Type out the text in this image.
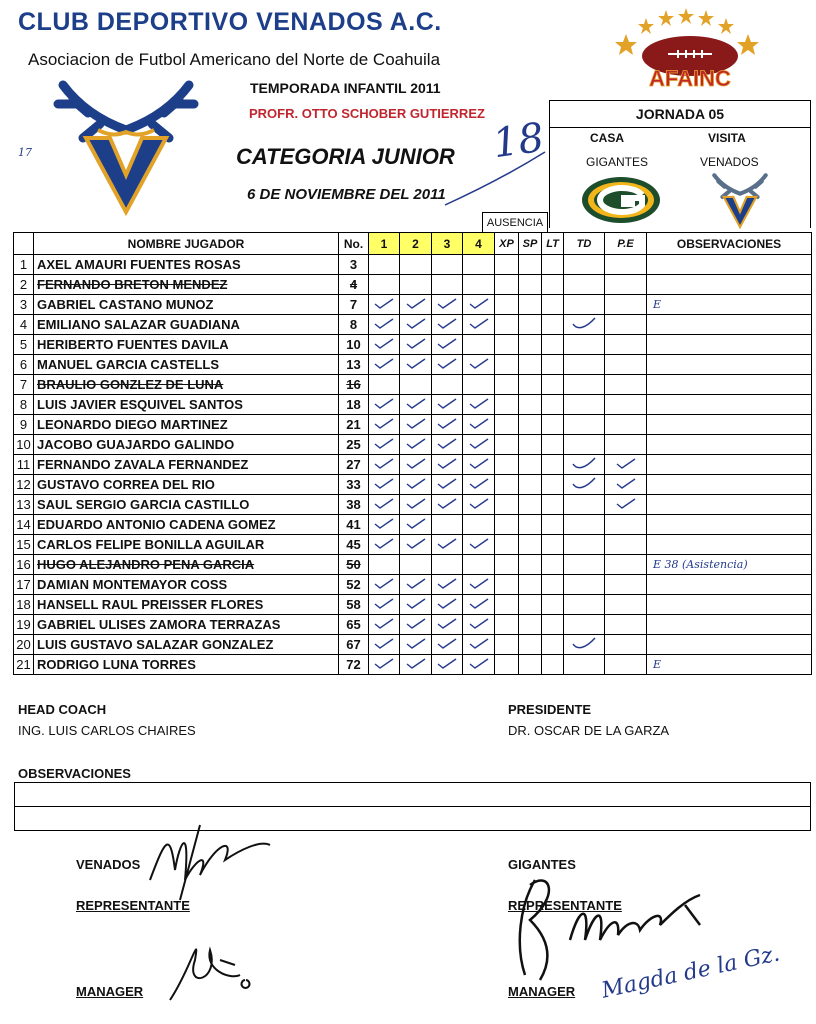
CLUB DEPORTIVO VENADOS A.C.
Asociacion de Futbol Americano del Norte de Coahuila
TEMPORADA INFANTIL 2011
PROFR. OTTO SCHOBER GUTIERREZ
CATEGORIA JUNIOR
6 DE NOVIEMBRE DEL 2011
18
17
AFAINC
JORNADA 05
CASA	VISITA
GIGANTES	VENADOS
AUSENCIA
	NOMBRE JUGADOR	No.	1	2	3	4	XP	SP	LT	TD	P.E	OBSERVACIONES
1	AXEL AMAURI FUENTES ROSAS	3										
2	FERNANDO BRETON MENDEZ	4										
3	GABRIEL CASTANO MUNOZ	7										E
4	EMILIANO SALAZAR GUADIANA	8										
5	HERIBERTO FUENTES DAVILA	10										
6	MANUEL GARCIA CASTELLS	13										
7	BRAULIO GONZLEZ DE LUNA	16										
8	LUIS JAVIER ESQUIVEL SANTOS	18										
9	LEONARDO DIEGO MARTINEZ	21										
10	JACOBO GUAJARDO GALINDO	25										
11	FERNANDO ZAVALA FERNANDEZ	27										
12	GUSTAVO CORREA DEL RIO	33										
13	SAUL SERGIO GARCIA CASTILLO	38										
14	EDUARDO ANTONIO CADENA GOMEZ	41										
15	CARLOS FELIPE BONILLA AGUILAR	45										
16	HUGO ALEJANDRO PENA GARCIA	50										E 38 (Asistencia)
17	DAMIAN MONTEMAYOR COSS	52										
18	HANSELL RAUL PREISSER FLORES	58										
19	GABRIEL ULISES ZAMORA TERRAZAS	65										
20	LUIS GUSTAVO SALAZAR GONZALEZ	67										
21	RODRIGO LUNA TORRES	72										E
HEAD COACH
ING. LUIS CARLOS CHAIRES
PRESIDENTE
DR. OSCAR DE LA GARZA
OBSERVACIONES
VENADOS
REPRESENTANTE
MANAGER
GIGANTES
REPRESENTANTE
MANAGER Magda de la Gz.
